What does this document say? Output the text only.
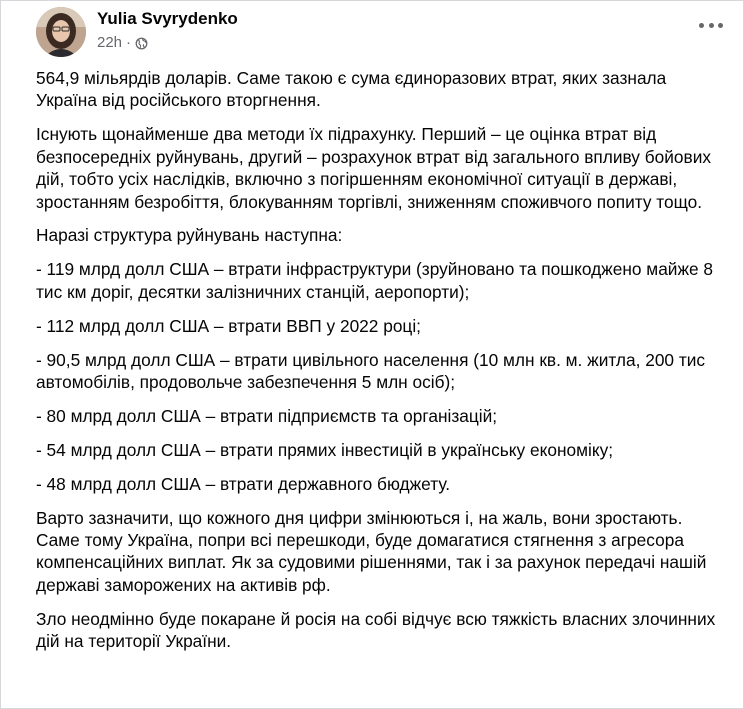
Yulia Svyrydenko
22h ·

564,9 мільярдів доларів. Саме такою є сума єдиноразових втрат, яких зазнала Україна від російського вторгнення.

Існують щонайменше два методи їх підрахунку. Перший – це оцінка втрат від безпосередніх руйнувань, другий – розрахунок втрат від загального впливу бойових дій, тобто усіх наслідків, включно з погіршенням економічної ситуації в державі, зростанням безробіття, блокуванням торгівлі, зниженням споживчого попиту тощо.

Наразі структура руйнувань наступна:

- 119 млрд долл США – втрати інфраструктури (зруйновано та пошкоджено майже 8 тис км доріг, десятки залізничних станцій, аеропорти);

- 112 млрд долл США – втрати ВВП у 2022 році;

- 90,5 млрд долл США – втрати цивільного населення (10 млн кв. м. житла, 200 тис автомобілів, продовольче забезпечення 5 млн осіб);

- 80 млрд долл США – втрати підприємств та організацій;

- 54 млрд долл США – втрати прямих інвестицій в українську економіку;

- 48 млрд долл США – втрати державного бюджету.

Варто зазначити, що кожного дня цифри змінюються і, на жаль, вони зростають. Саме тому Україна, попри всі перешкоди, буде домагатися стягнення з агресора компенсаційних виплат. Як за судовими рішеннями, так і за рахунок передачі нашій державі заморожених на активів рф.

Зло неодмінно буде покаране й росія на собі відчує всю тяжкість власних злочинних дій на території України.
